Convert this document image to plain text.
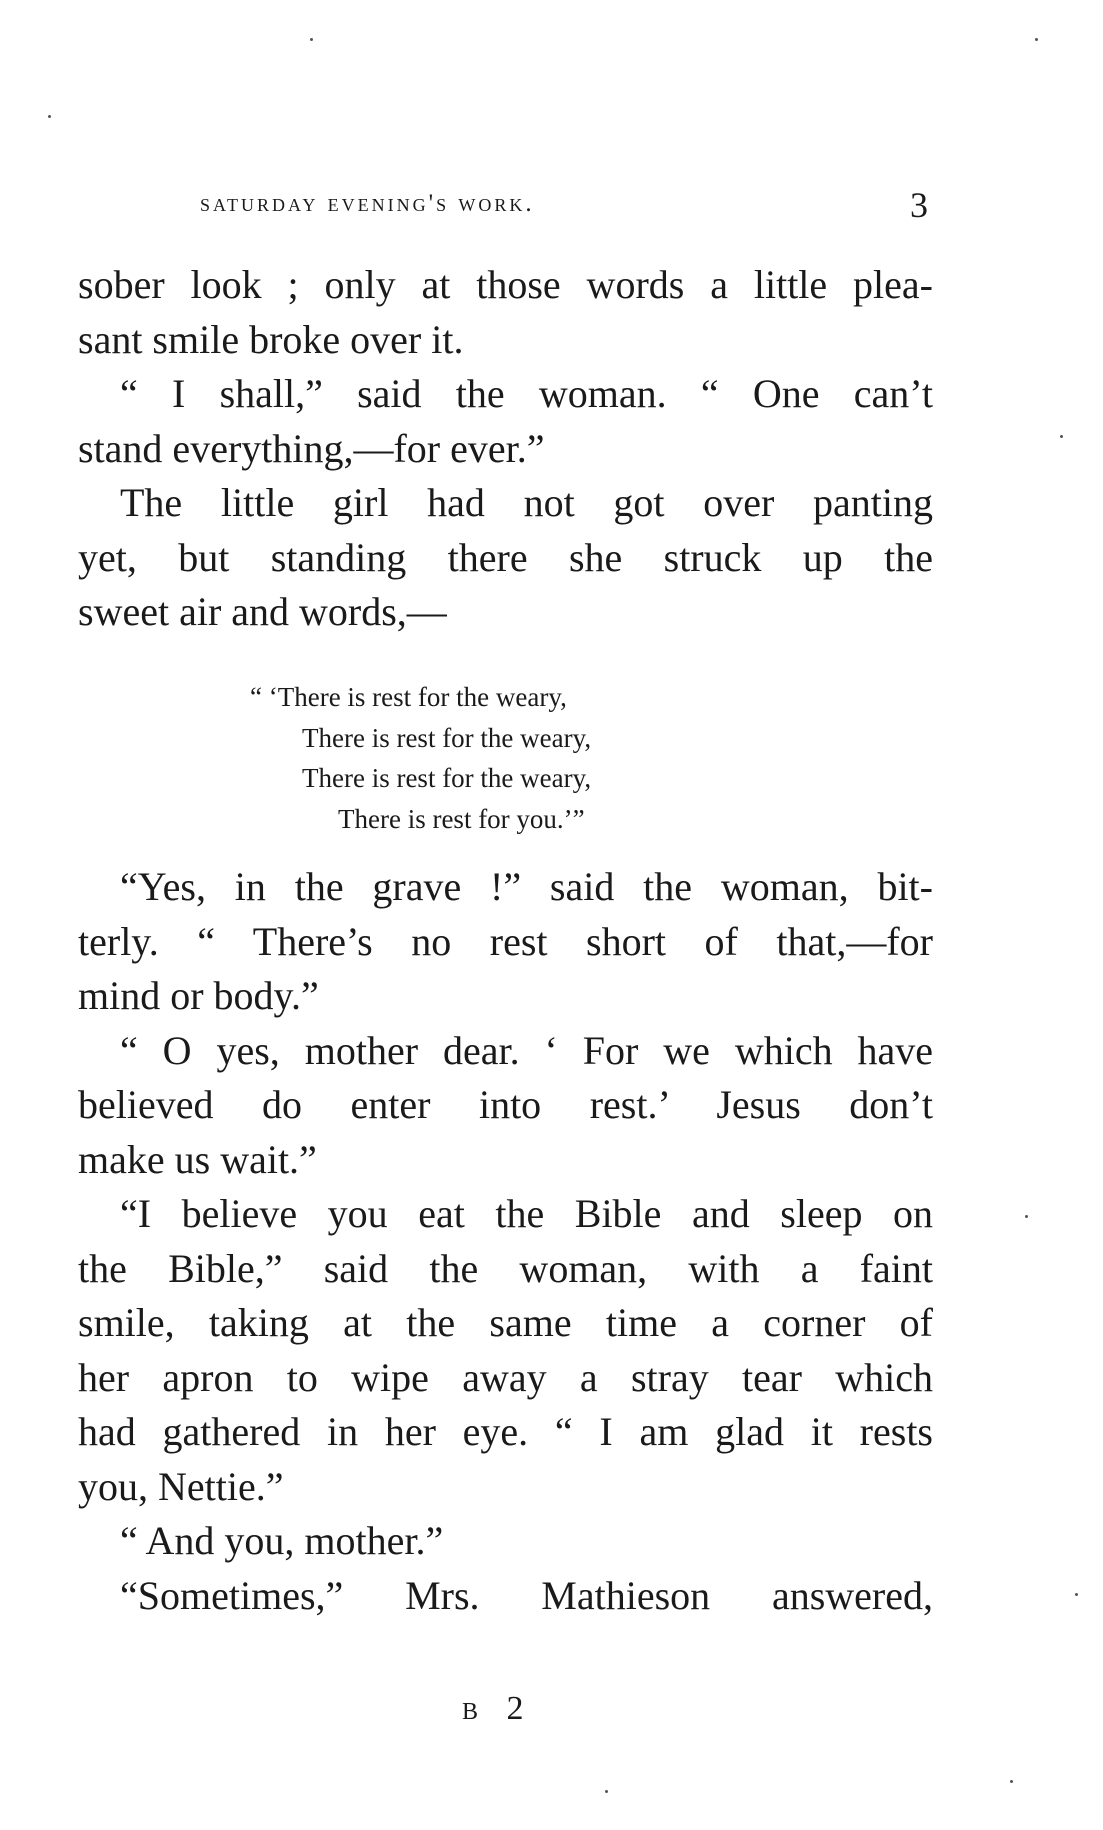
saturday evening's work.	3
sober look ; only at those words a little plea-
sant smile broke over it.
“ I shall,” said the woman. “ One can’t
stand everything,—for ever.”
The little girl had not got over panting
yet, but standing there she struck up the
sweet air and words,—
“ ‘There is rest for the weary,
There is rest for the weary,
There is rest for the weary,
There is rest for you.’”
“Yes, in the grave !” said the woman, bit-
terly. “ There’s no rest short of that,—for
mind or body.”
“ O yes, mother dear. ‘ For we which have
believed do enter into rest.’ Jesus don’t
make us wait.”
“I believe you eat the Bible and sleep on
the Bible,” said the woman, with a faint
smile, taking at the same time a corner of
her apron to wipe away a stray tear which
had gathered in her eye. “ I am glad it rests
you, Nettie.”
“ And you, mother.”
“Sometimes,” Mrs. Mathieson answered,
B 2
